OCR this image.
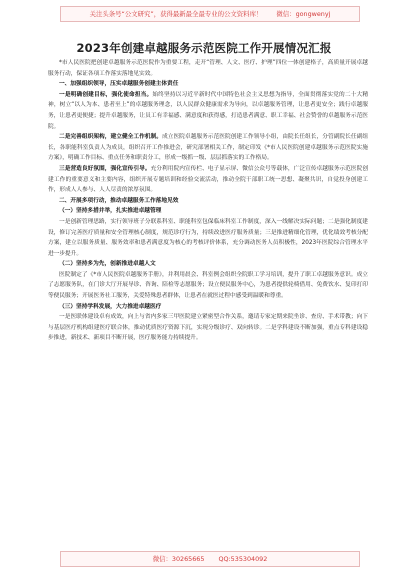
关注头条号“公文研究”，获得最新最全最专业的公文资料库！ 微信：gongwenyj
2023年创建卓越服务示范医院工作开展情况汇报

*市人民医院把创建卓越服务示范医院作为重要工程，走开“管理、人文、医疗、护理”四位一体创建格子，高质量开展卓越服务行动，保证各项工作落实落地见实效。

一、加强组织领导，压实卓越服务创建主体责任

一是明确创建目标，强化使命担当。始终坚持以习近平新时代中国特色社会主义思想为指导，全面贯彻落实党的二十大精神，树立“以人为本、患者至上”的卓越服务理念，以人民群众健康需求为导向，以卓越服务管理，让患者更安全；践行卓越服务，让患者更便捷；提升卓越服务，让员工有幸福感、满意度和获得感，打造患者满意、职工幸福、社会赞誉的卓越服务示范医院。

二是完善组织架构，建立健全工作机制。成立医院卓越服务示范医院创建工作领导小组，由院长任组长，分管副院长任副组长，各职能科室负责人为成员，组织召开工作推进会，研究部署相关工作，制定印发《*市人民医院创建卓越服务示范医院实施方案》，明确工作目标、重点任务和职责分工，形成一级抓一级、层层抓落实的工作格局。

三是营造良好氛围，强化宣传引导。充分利用院内宣传栏、电子显示屏、微信公众号等载体，广泛宣传卓越服务示范医院创建工作的重要意义和主要内容，组织开展专题培训和经验交流活动，推动全院干部职工统一思想、凝聚共识，自觉投身创建工作，形成人人参与、人人尽责的浓厚氛围。

二、开展多项行动，推动卓越服务工作落地见效

（一）坚持多措并举，扎实推进卓越管理

一是创新管理思路，实行领导班子分联系科室、职能科室包保临床科室工作制度，深入一线解决实际问题；二是强化制度建设，修订完善医疗质量和安全管理核心制度，规范诊疗行为，持续改进医疗服务质量；三是推进精细化管理，优化绩效考核分配方案，建立以服务质量、服务效率和患者满意度为核心的考核评价体系，充分调动医务人员积极性，2023年医院综合管理水平进一步提升。

（二）坚持多为先，创新推进卓越人文

医院制定了《*市人民医院卓越服务手册》，并利用晨会、科室例会组织全院职工学习培训，提升了职工卓越服务意识。成立了志愿服务队，在门诊大厅开展导诊、咨询、陪检等志愿服务；设立便民服务中心，为患者提供轮椅借用、免费饮水、复印打印等便民服务；开展医务社工服务，关爱特殊患者群体，让患者在就医过程中感受到温暖和尊重。

（三）坚持学科发展，大力推进卓越医疗

一是医联体建设卓有成效，向上与省内多家三甲医院建立紧密型合作关系，邀请专家定期来院坐诊、查房、手术带教；向下与基层医疗机构组建医疗联合体，推动优质医疗资源下沉，实现分级诊疗、双向转诊。二是学科建设不断加强，重点专科建设稳步推进，新技术、新项目不断开展，医疗服务能力持续提升。

微信：30265665 QQ:535304092
